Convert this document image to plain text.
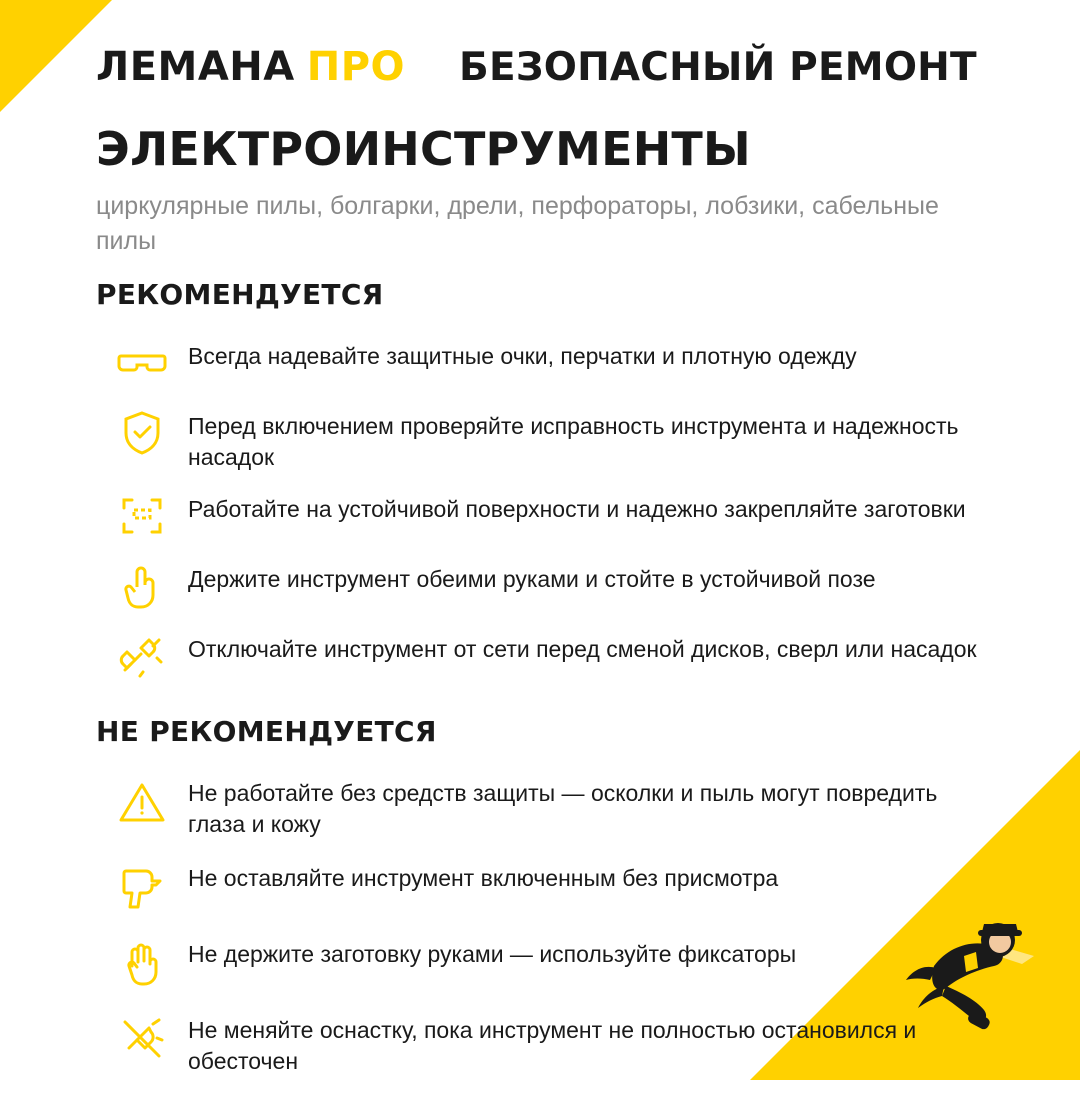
ЛЕМАНА ПРО БЕЗОПАСНЫЙ РЕМОНТ
ЭЛЕКТРОИНСТРУМЕНТЫ

циркулярные пилы, болгарки, дрели, перфораторы, лобзики, сабельные пилы

РЕКОМЕНДУЕТСЯ
Всегда надевайте защитные очки, перчатки и плотную одежду
Перед включением проверяйте исправность инструмента и надежность насадок
Работайте на устойчивой поверхности и надежно закрепляйте заготовки
Держите инструмент обеими руками и стойте в устойчивой позе
Отключайте инструмент от сети перед сменой дисков, сверл или насадок
НЕ РЕКОМЕНДУЕТСЯ
Не работайте без средств защиты — осколки и пыль могут повредить глаза и кожу
Не оставляйте инструмент включенным без присмотра
Не держите заготовку руками — используйте фиксаторы
Не меняйте оснастку, пока инструмент не полностью остановился и обесточен
